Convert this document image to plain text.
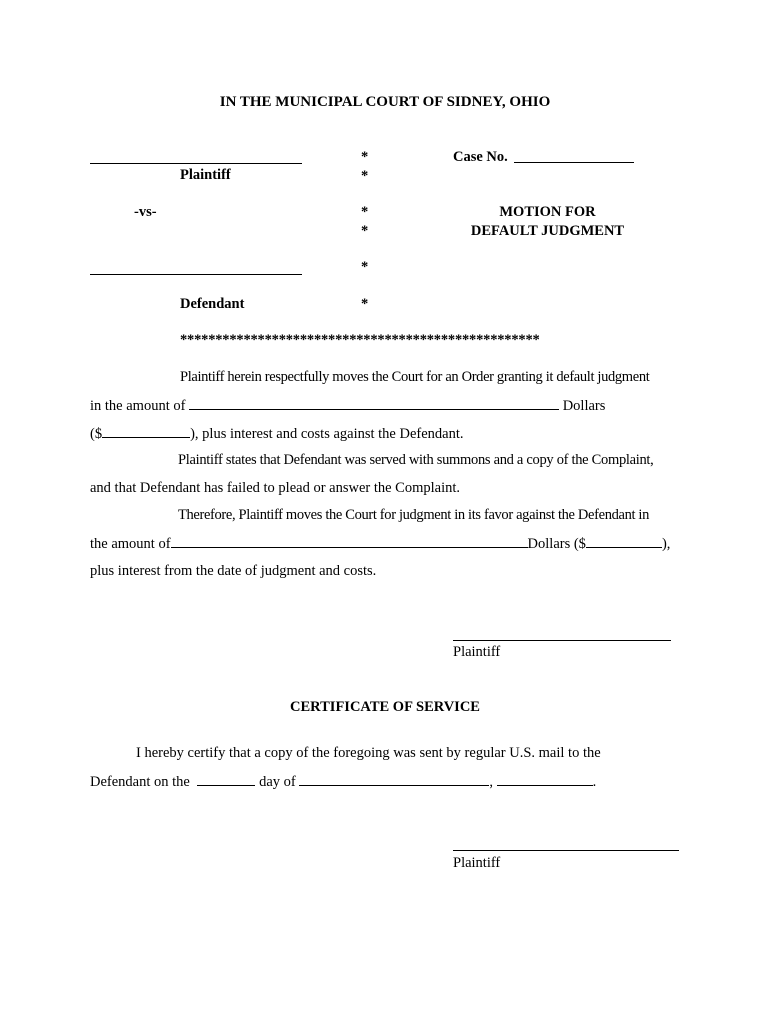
IN THE MUNICIPAL COURT OF SIDNEY, OHIO
Plaintiff
-vs-
Defendant
*
*
*
*
*
*
Case No.
MOTION FOR
DEFAULT JUDGMENT
***************************************************
Plaintiff herein respectfully moves the Court for an Order granting it default judgment
in the amount of	Dollars
($	), plus interest and costs against the Defendant.
Plaintiff states that Defendant was served with summons and a copy of the Complaint,
and that Defendant has failed to plead or answer the Complaint.
Therefore, Plaintiff moves the Court for judgment in its favor against the Defendant in
the amount of	Dollars ($	),
plus interest from the date of judgment and costs.
Plaintiff
CERTIFICATE OF SERVICE
I hereby certify that a copy of the foregoing was sent by regular U.S. mail to the
Defendant on the	day of	,	.
Plaintiff
